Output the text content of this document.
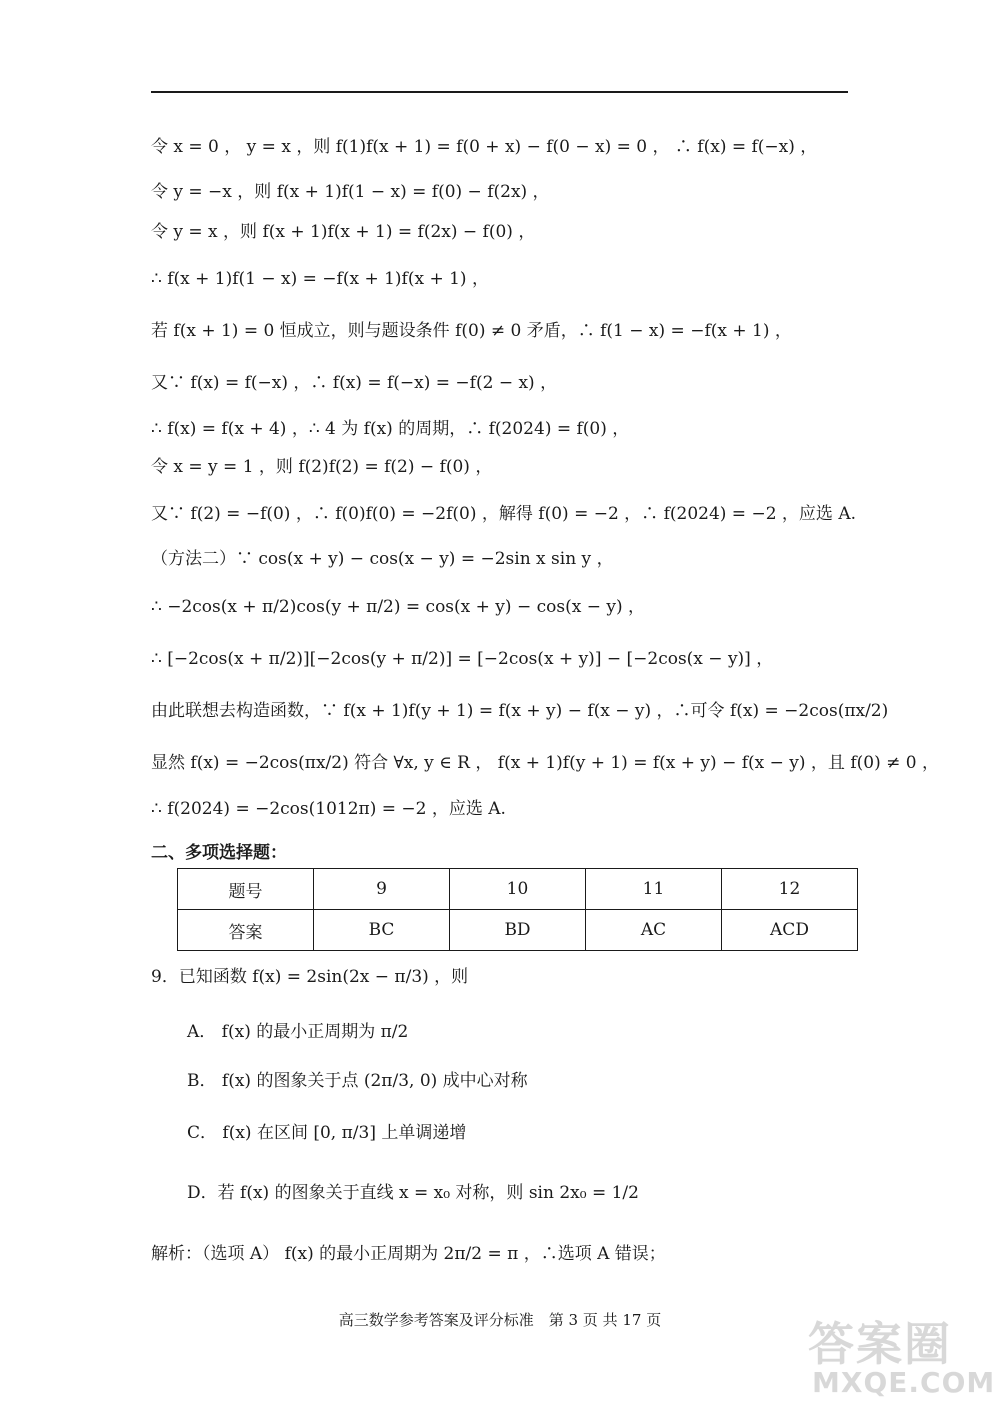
令 x = 0 ， y = x ，则 f(1)f(x + 1) = f(0 + x) − f(0 − x) = 0 ， ∴ f(x) = f(−x) ，
令 y = −x ，则 f(x + 1)f(1 − x) = f(0) − f(2x) ，
令 y = x ，则 f(x + 1)f(x + 1) = f(2x) − f(0) ，
∴ f(x + 1)f(1 − x) = −f(x + 1)f(x + 1) ，
若 f(x + 1) = 0 恒成立，则与题设条件 f(0) ≠ 0 矛盾，∴ f(1 − x) = −f(x + 1) ，
又∵ f(x) = f(−x) ，∴ f(x) = f(−x) = −f(2 − x) ，
∴ f(x) = f(x + 4) ，∴ 4 为 f(x) 的周期，∴ f(2024) = f(0) ，
令 x = y = 1 ，则 f(2)f(2) = f(2) − f(0) ，
又∵ f(2) = −f(0) ，∴ f(0)f(0) = −2f(0) ，解得 f(0) = −2 ，∴ f(2024) = −2 ，应选 A.
（方法二）∵ cos(x + y) − cos(x − y) = −2sin x sin y ，
∴ −2cos(x + π/2)cos(y + π/2) = cos(x + y) − cos(x − y) ，
∴ [−2cos(x + π/2)][−2cos(y + π/2)] = [−2cos(x + y)] − [−2cos(x − y)] ，
由此联想去构造函数，∵ f(x + 1)f(y + 1) = f(x + y) − f(x − y) ，∴可令 f(x) = −2cos(πx/2)
显然 f(x) = −2cos(πx/2) 符合 ∀x, y ∈ R ， f(x + 1)f(y + 1) = f(x + y) − f(x − y) ，且 f(0) ≠ 0 ，
∴ f(2024) = −2cos(1012π) = −2 ，应选 A.
二、多项选择题：
题号	9	10	11	12
答案	BC	BD	AC	ACD
9．已知函数 f(x) = 2sin(2x − π/3) ，则
A． f(x) 的最小正周期为 π/2
B． f(x) 的图象关于点 (2π/3, 0) 成中心对称
C． f(x) 在区间 [0, π/3] 上单调递增
D．若 f(x) 的图象关于直线 x = x₀ 对称，则 sin 2x₀ = 1/2
解析：（选项 A） f(x) 的最小正周期为 2π/2 = π ，∴选项 A 错误；
高三数学参考答案及评分标准　第 3 页 共 17 页	答案圈
MXQE.COM
